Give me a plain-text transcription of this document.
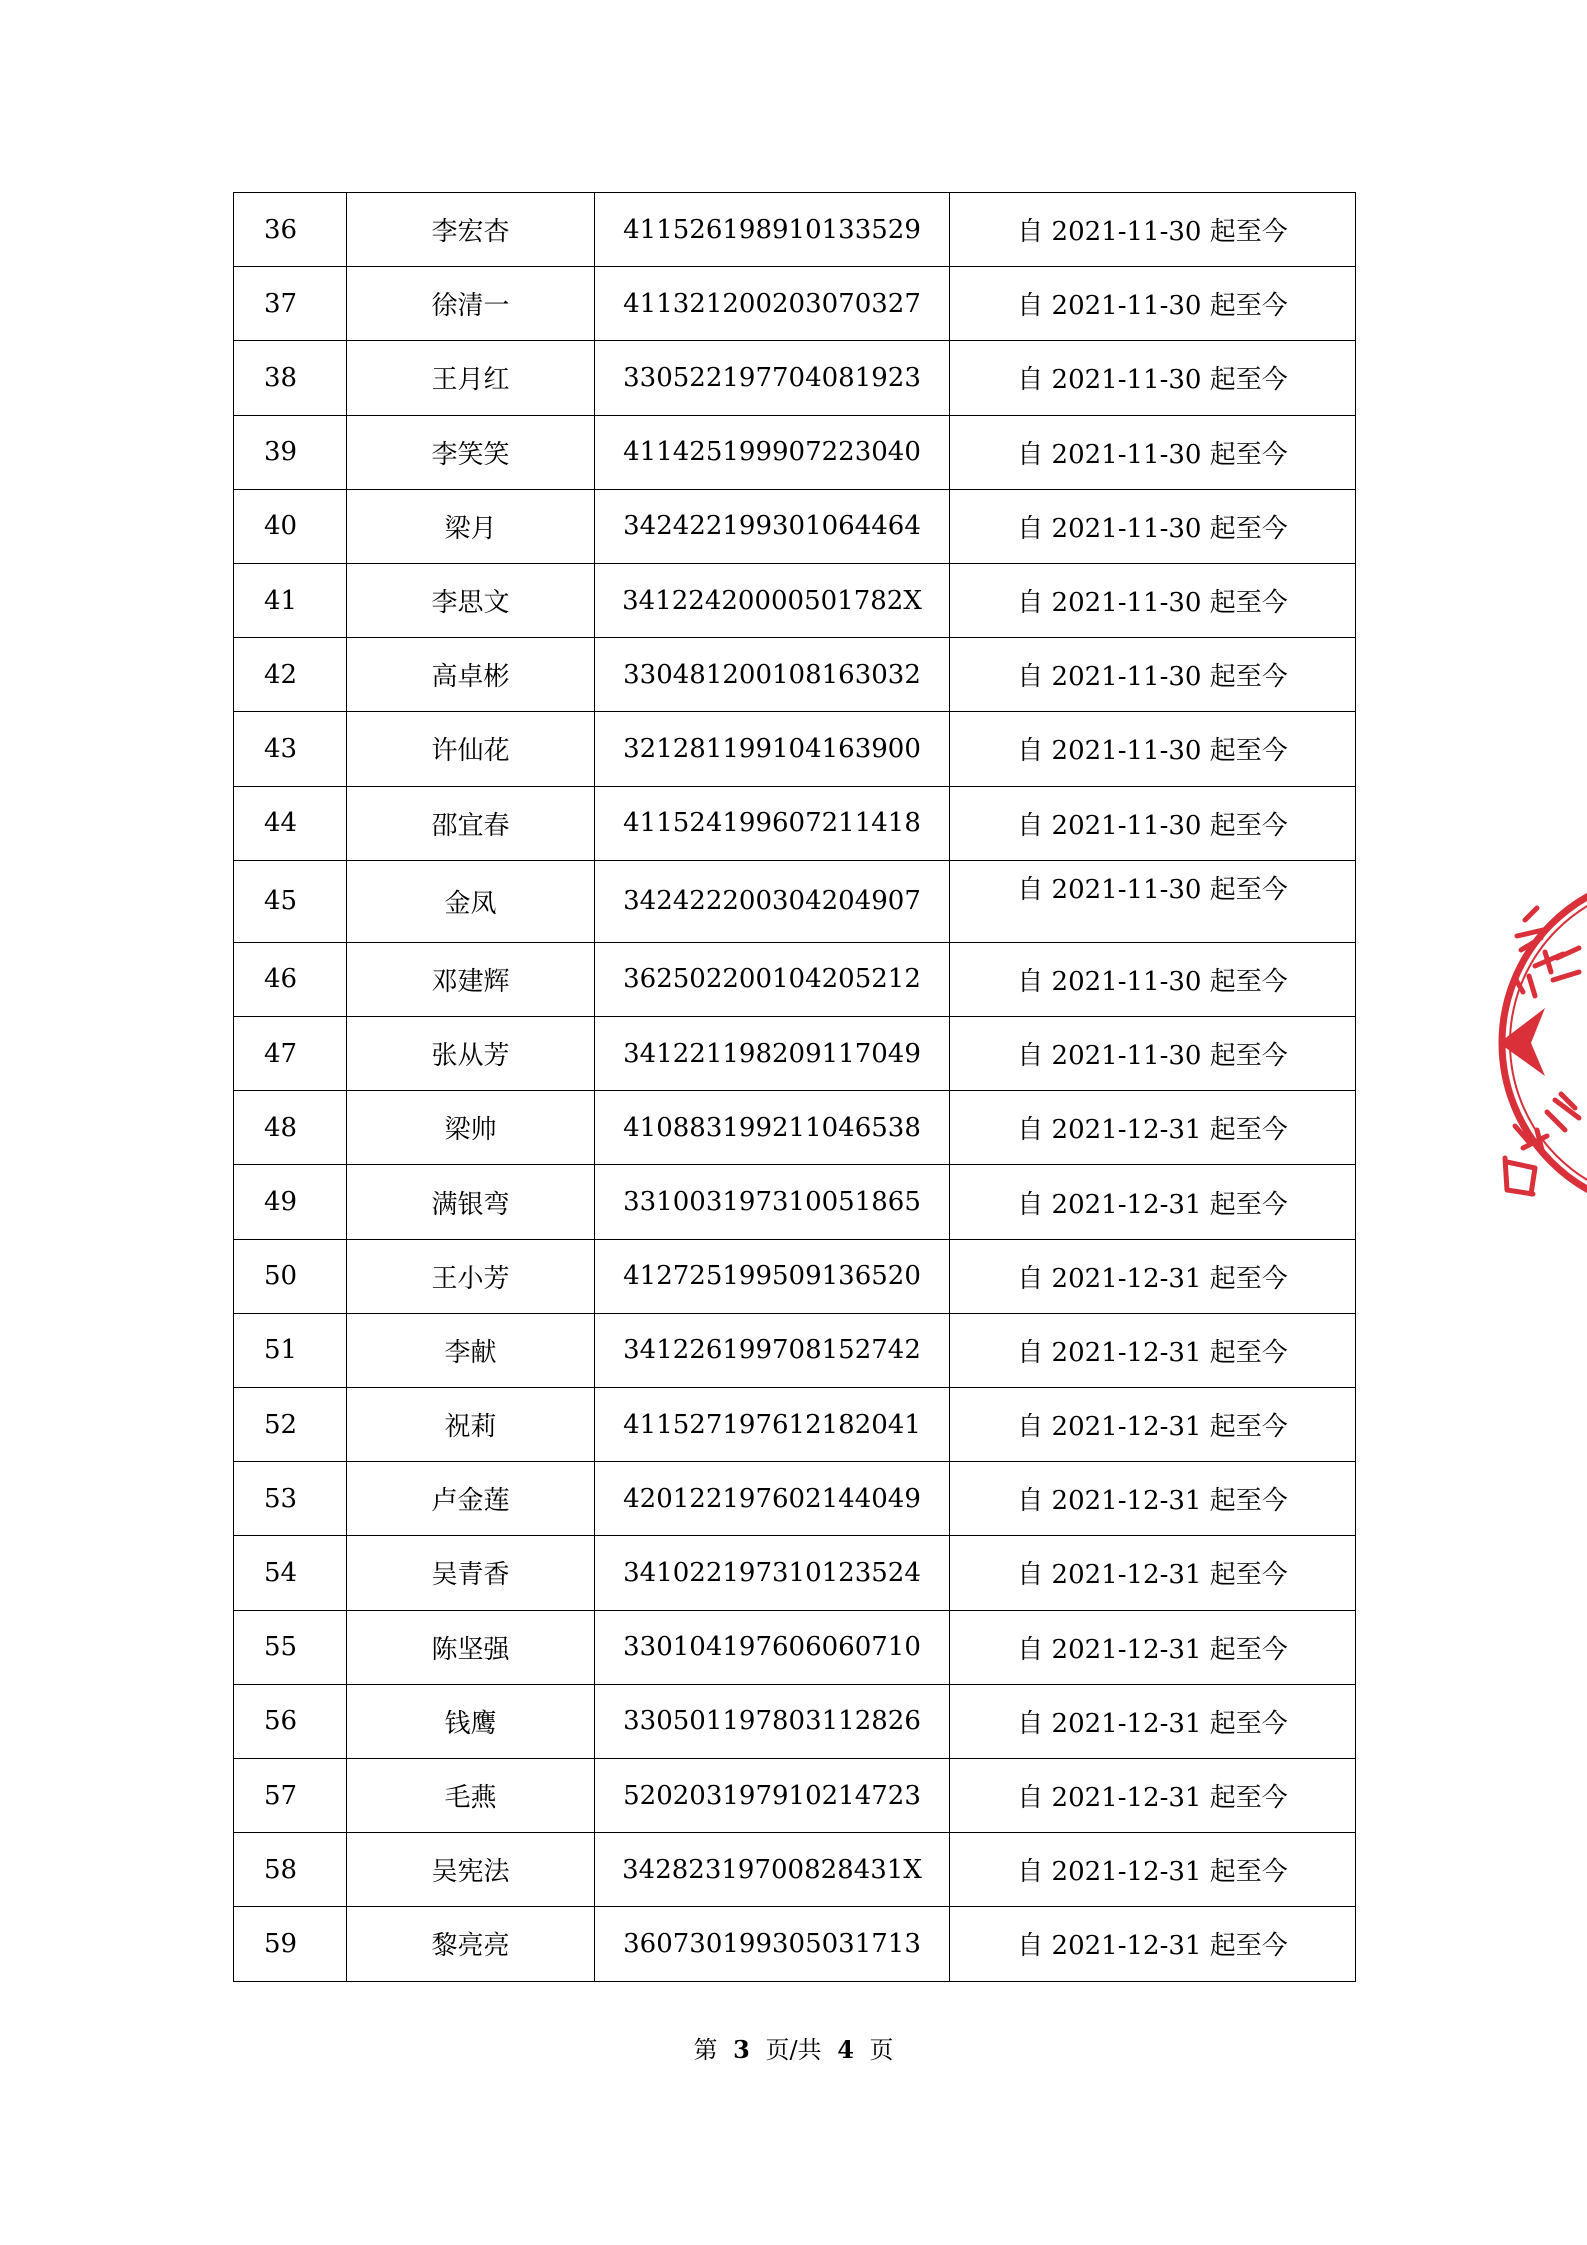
36	李宏杏	411526198910133529	自 2021-11-30 起至今
37	徐清一	411321200203070327	自 2021-11-30 起至今
38	王月红	330522197704081923	自 2021-11-30 起至今
39	李笑笑	411425199907223040	自 2021-11-30 起至今
40	梁月	342422199301064464	自 2021-11-30 起至今
41	李思文	34122420000501782X	自 2021-11-30 起至今
42	高卓彬	330481200108163032	自 2021-11-30 起至今
43	许仙花	321281199104163900	自 2021-11-30 起至今
44	邵宜春	411524199607211418	自 2021-11-30 起至今
45	金凤	342422200304204907	自 2021-11-30 起至今
46	邓建辉	362502200104205212	自 2021-11-30 起至今
47	张从芳	341221198209117049	自 2021-11-30 起至今
48	梁帅	410883199211046538	自 2021-12-31 起至今
49	满银弯	331003197310051865	自 2021-12-31 起至今
50	王小芳	412725199509136520	自 2021-12-31 起至今
51	李献	341226199708152742	自 2021-12-31 起至今
52	祝莉	411527197612182041	自 2021-12-31 起至今
53	卢金莲	420122197602144049	自 2021-12-31 起至今
54	吴青香	341022197310123524	自 2021-12-31 起至今
55	陈坚强	330104197606060710	自 2021-12-31 起至今
56	钱鹰	330501197803112826	自 2021-12-31 起至今
57	毛燕	520203197910214723	自 2021-12-31 起至今
58	吴宪法	34282319700828431X	自 2021-12-31 起至今
59	黎亮亮	360730199305031713	自 2021-12-31 起至今
第 3 页/共 4 页
